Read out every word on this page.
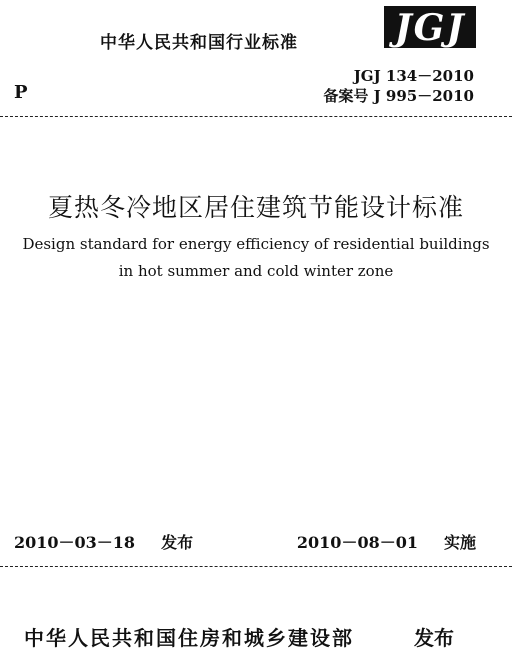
中华人民共和国行业标准	JGJ
P
JGJ 134－2010
备案号 J 995－2010
夏热冬冷地区居住建筑节能设计标准
Design standard for energy efficiency of residential buildings
in hot summer and cold winter zone
2010－03－18 发布	2010－08－01 实施
中华人民共和国住房和城乡建设部	发布
